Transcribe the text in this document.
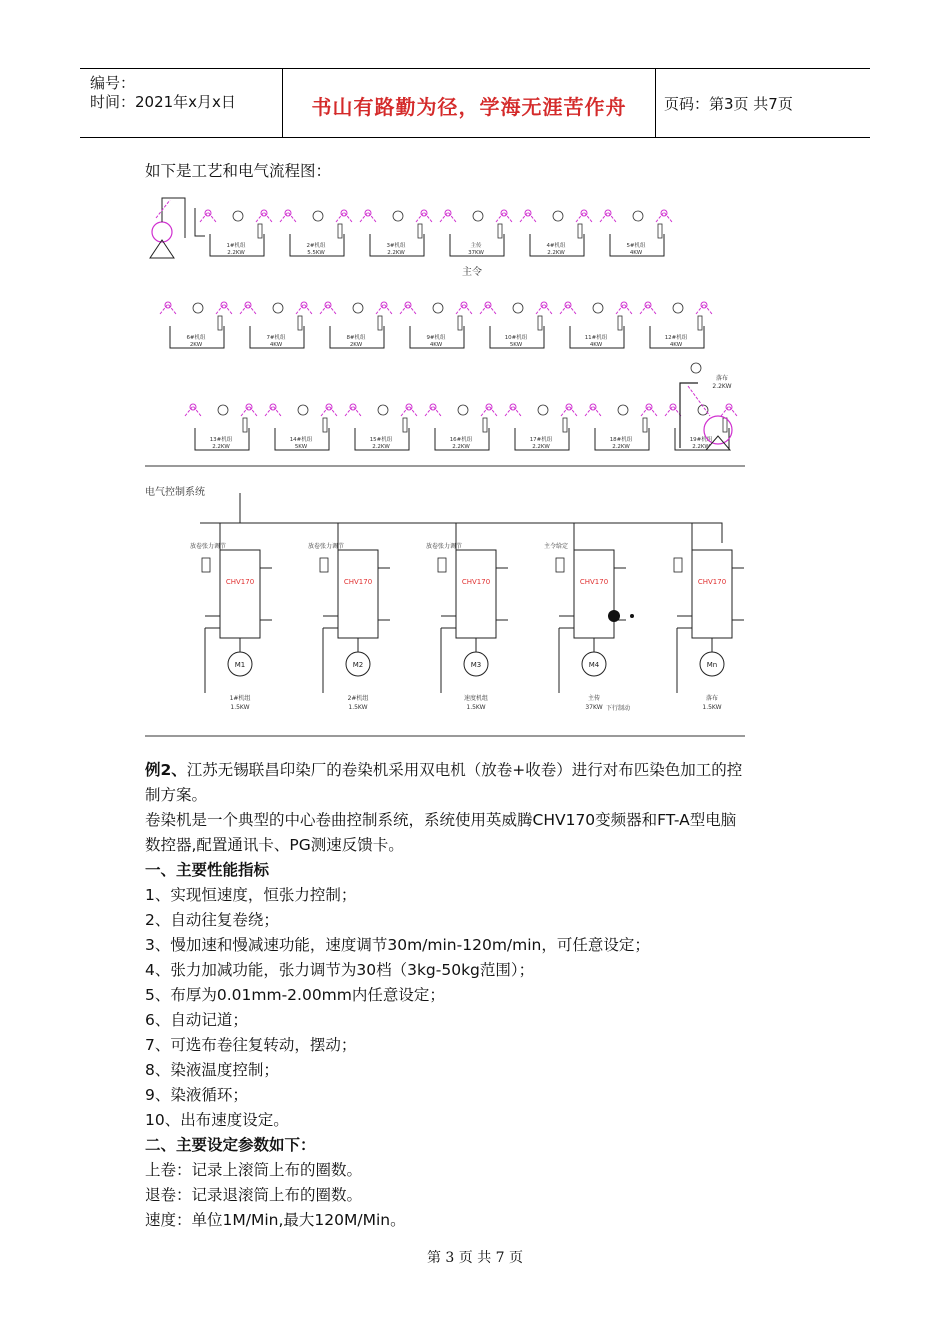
编号：
时间：2021年x月x日	书山有路勤为径，学海无涯苦作舟	页码：第3页 共7页
如下是工艺和电气流程图：
1#机组
2.2KW
2#机组
5.5KW
3#机组
2.2KW
主传
37KW
4#机组
2.2KW
5#机组
4KW
主令
6#机组
2KW
7#机组
4KW
8#机组
2KW
9#机组
4KW
10#机组
5KW
11#机组
4KW
12#机组
4KW
13#机组
2.2KW
14#机组
5KW
15#机组
2.2KW
16#机组
2.2KW
17#机组
2.2KW
18#机组
2.2KW
19#机组
2.2KW
落布
2.2KW
电气控制系统
放卷张力调节
CHV170
M1
1#机组
1.5KW
放卷张力调节
CHV170
M2
2#机组
1.5KW
放卷张力调节
CHV170
M3
速度机组
1.5KW
主令给定
CHV170
M4
主传
37KW
CHV170
Mn
落布
1.5KW
下行制动
例2、江苏无锡联昌印染厂的卷染机采用双电机（放卷+收卷）进行对布匹染色加工的控
制方案。
卷染机是一个典型的中心卷曲控制系统，系统使用英威腾CHV170变频器和FT-A型电脑
数控器,配置通讯卡、PG测速反馈卡。
一、主要性能指标
1、实现恒速度，恒张力控制；
2、自动往复卷绕；
3、慢加速和慢减速功能，速度调节30m/min-120m/min，可任意设定；
4、张力加减功能，张力调节为30档（3kg-50kg范围）；
5、布厚为0.01mm-2.00mm内任意设定；
6、自动记道；
7、可选布卷往复转动，摆动；
8、染液温度控制；
9、染液循环；
10、出布速度设定。
二、主要设定参数如下：
上卷：记录上滚筒上布的圈数。
退卷：记录退滚筒上布的圈数。
速度：单位1M/Min,最大120M/Min。
第 3 页 共 7 页
